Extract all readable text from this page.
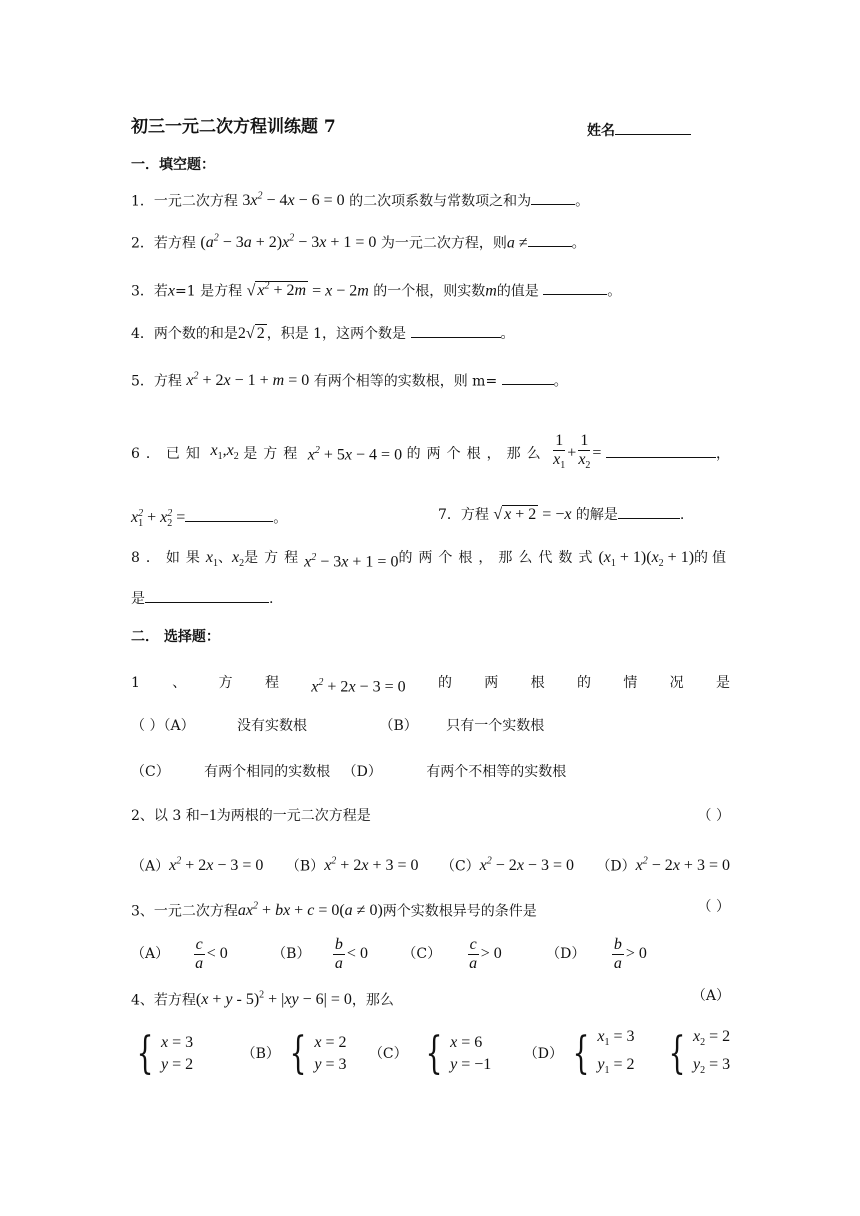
初三一元二次方程训练题 7	姓名
一．填空题：
1．一元二次方程 $3x^2 - 4x - 6 = 0$ 的二次项系数与常数项之和为	。
2．若方程 $(a^2 - 3a + 2)x^2 - 3x + 1 = 0$ 为一元二次方程，则a ≠	。
3．若x=1 是方程 √ $x^2 + 2m = x - 2m$ 的一个根，则实数m的值是	。
4．两个数的和是2√ 2 ，积是 1，这两个数是	。
5．方程 $x^2 + 2x - 1 + m = 0$ 有两个相等的实数根，则 m=	。
6．已知 $x_1,x_2$ 是方程 $x^2 + 5x - 4 = 0$ 的两个根，那么 $\frac{1}{x_1} + \frac{1}{x_2}$ =	，
$x_1^2 + x_2^2$ =	。	7．方程 √ x + 2 = −x 的解是	.
8．如果 $x_1$ 、 $x_2$ 是方程 $x^2 - 3x + 1 = 0$ 的两个根，那么代数式 $(x_1 + 1)(x_2 + 1)$ 的值
是	.
二． 选择题：
1 、 方 程 $x^2 + 2x - 3 = 0$ 的 两 根 的 情 况 是
（ ）（A）	没有实数根	（B） 只有一个实数根
（C） 有两个相同的实数根 （D）	有两个不相等的实数根
2、以 3 和−1为两根的一元二次方程是	（ ）
$(A)x^2 + 2x - 3 = 0$ $(B)x^2 + 2x + 3 = 0$ $(C)x^2 - 2x - 3 = 0$ $(D)x^2 - 2x + 3 = 0$
3、一元二次方程$ax^2$ + bx + c = 0(a ≠ 0)两个实数根异号的条件是	（ ）
$(A) \frac{c}{a} < 0$	$(B) \frac{b}{a} < 0$ $(C) \frac{c}{a} > 0$	$(D) \frac{b}{a} > 0$
4、若方程$(x + y - 5)^2 + |xy - 6| = 0$，那么	（A）
{ x = 3
y = 2
（B） { x = 2
y = 3
（C） { x = 6
y = −1
（D） { $x_1 = 3$
$y_1 = 2$
{ $x_2 = 2$
$y_2 = 3$
